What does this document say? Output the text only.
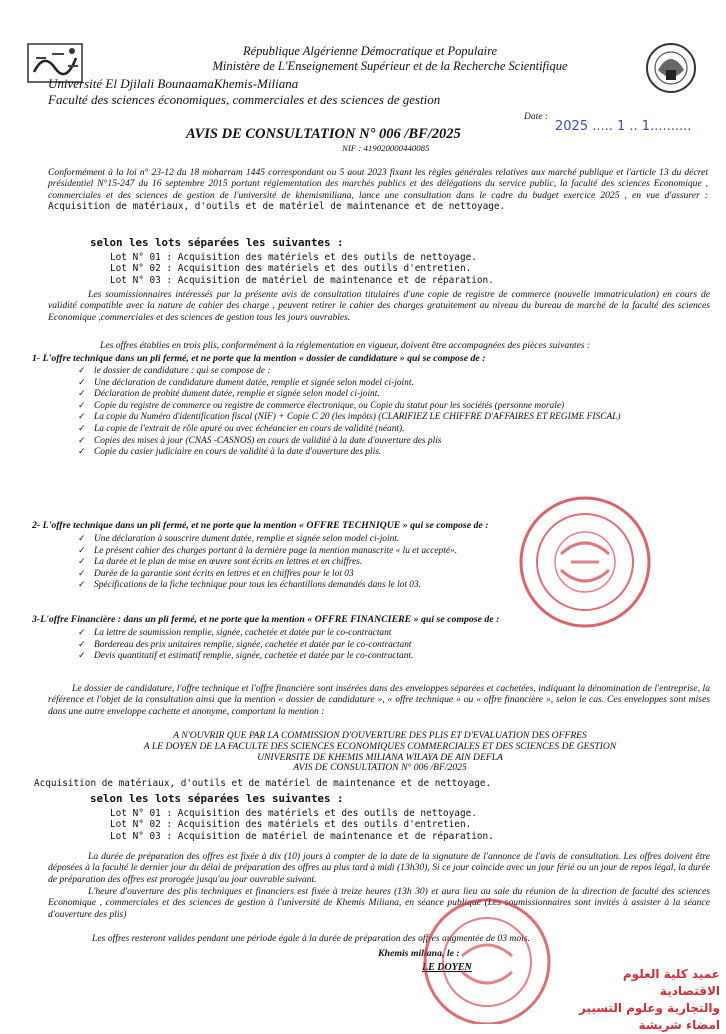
République Algérienne Démocratique et Populaire
Ministère de L'Enseignement Supérieur et de la Recherche Scientifique
Université El Djilali BounaamaKhemis-Miliana
Faculté des sciences économiques, commerciales et des sciences de gestion
Date :
2025 ..... 1 .. 1..........
AVIS DE CONSULTATION N° 006 /BF/2025
NIF : 419020000440085
Conformément à la loi n° 23-12 du 18 moharram 1445 correspondant ou 5 aout 2023 fixant les règles générales relatives aux marché publique et l'article 13 du décret présidentiel N°15-247 du 16 septembre 2015 portant réglementation des marchés publics et des délégations du service public, la faculté des sciences Economique , commerciales et des sciences de gestion de l'université de khemismiliana, lance une consultation dans le cadre du budget exercice 2025 , en vue d'assurer : Acquisition de matériaux, d'outils et de matériel de maintenance et de nettoyage.
selon les lots séparées les suivantes :
Lot N° 01 : Acquisition des matériels et des outils de nettoyage.
Lot N° 02 : Acquisition des matériels et des outils d'entretien.
Lot N° 03 : Acquisition de matériel de maintenance et de réparation.
Les soumissionnaires intéressés par la présente avis de consultation titulaires d'une copie de registre de commerce (nouvelle immatriculation) en cours de validité compatible avec la nature de cahier des charge , peuvent retirer le cahier des charges gratuitement au niveau du bureau de marché de la faculté des sciences Economique ,commerciales et des sciences de gestion tous les jours ouvrables.
Les offres établies en trois plis, conformément à la réglementation en vigueur, doivent être accompagnées des pièces suivantes :
1- L'offre technique dans un pli fermé, et ne porte que la mention « dossier de candidature » qui se compose de :
✓ le dossier de candidature : qui se compose de :
✓ Une déclaration de candidature dument datée, remplie et signée selon model ci-joint.
✓ Déclaration de probité dument datée, remplie et signée selon model ci-joint.
✓ Copie du registre de commerce ou registre de commerce électronique, ou Copie du statut pour les sociétés (personne morale)
✓ La copie du Numéro d'identification fiscal (NIF) + Copie C 20 (les impôts) (CLARIFIEZ LE CHIFFRE D'AFFAIRES ET REGIME FISCAL)
✓ La copie de l'extrait de rôle apuré ou avec échéancier en cours de validité (néant).
✓ Copies des mises à jour (CNAS -CASNOS) en cours de validité à la date d'ouverture des plis
✓ Copie du casier judiciaire en cours de validité à la date d'ouverture des plis.
2- L'offre technique dans un pli fermé, et ne porte que la mention « OFFRE TECHNIQUE » qui se compose de :
✓ Une déclaration à souscrire dument datée, remplie et signée selon model ci-joint.
✓ Le présent cahier des charges portant à la dernière page la mention manuscrite « lu et accepté».
✓ La durée et le plan de mise en œuvre sont écrits en lettres et en chiffres.
✓ Durée de la garantie sont écrits en lettres et en chiffres pour le lot 03
✓ Spécifications de la fiche technique pour tous les échantillons demandés dans le lot 03.
3-L'offre Financière : dans un pli fermé, et ne porte que la mention « OFFRE FINANCIERE » qui se compose de :
✓ La lettre de soumission remplie, signée, cachetée et datée par le co-contractant
✓ Bordereau des prix unitaires remplie, signée, cachetée et datée par le co-contractant
✓ Devis quantitatif et estimatif remplie, signée, cachetée et datée par le co-contractant.
Le dossier de candidature, l'offre technique et l'offre financière sont insérées dans des enveloppes séparées et cachetées, indiquant la dénomination de l'entreprise, la référence et l'objet de la consultation ainsi que la mention « dossier de candidature », « offre technique » ou « offre financière », selon le cas. Ces enveloppes sont mises dans une autre enveloppe cachette et anonyme, comportant la mention :
A N'OUVRIR QUE PAR LA COMMISSION D'OUVERTURE DES PLIS ET D'EVALUATION DES OFFRES
A LE DOYEN DE LA FACULTE DES SCIENCES ECONOMIQUES COMMERCIALES ET DES SCIENCES DE GESTION
UNIVERSITE DE KHEMIS MILIANA WILAYA DE AIN DEFLA
AVIS DE CONSULTATION N° 006 /BF/2025
Acquisition de matériaux, d'outils et de matériel de maintenance et de nettoyage.
selon les lots séparées les suivantes :
Lot N° 01 : Acquisition des matériels et des outils de nettoyage.
Lot N° 02 : Acquisition des matériels et des outils d'entretien.
Lot N° 03 : Acquisition de matériel de maintenance et de réparation.
La durée de préparation des offres est fixée à dix (10) jours à compter de la date de la signature de l'annonce de l'avis de consultation. Les offres doivent être déposées à la faculté le dernier jour du délai de préparation des offres au plus tard à midi (13h30), Si ce jour coïncide avec un jour férié ou un jour de repos légal, la durée de préparation des offres est prorogée jusqu'au jour ouvrable suivant.
L'heure d'ouverture des plis techniques et financiers est fixée à treize heures (13h 30) et aura lieu au sale du réunion de la direction de faculté des sciences Economique , commerciales et des sciences de gestion à l'université de Khemis Miliana, en séance publique (Les soumissionnaires sont invités à assister à la séance d'ouverture des plis)
Les offres resteront valides pendant une période égale à la durée de préparation des offres augmentée de 03 mois.
Khemis miliana, le :
LE DOYEN	عميد كلية العلوم الاقتصادية
والتجارية وعلوم التسيير
امضاء شريشة
